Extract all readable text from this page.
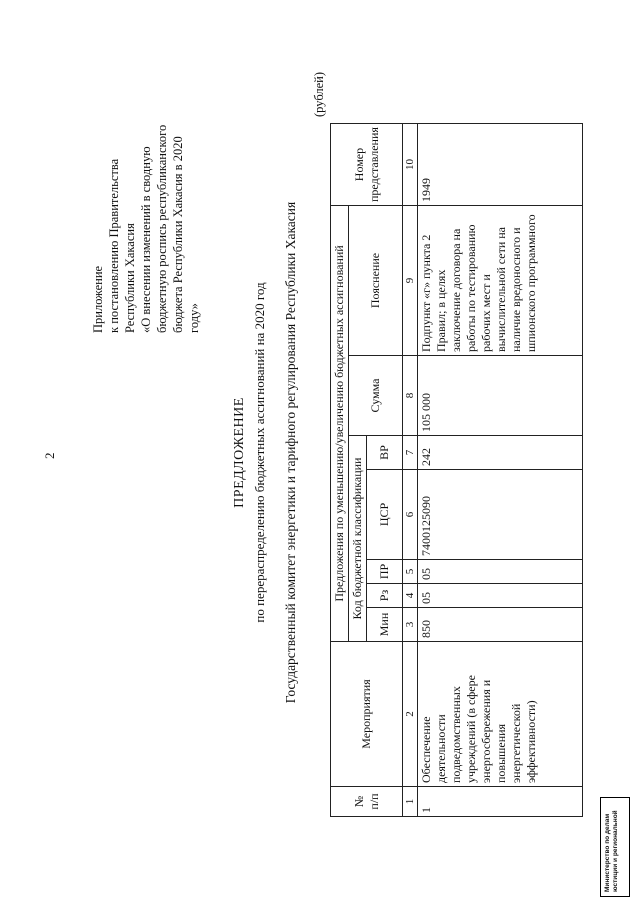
2
Приложение к постановлению Правительства Республики Хакасия «О внесении изменений в сводную бюджетную роспись республиканского бюджета Республики Хакасия в 2020 году»
ПРЕДЛОЖЕНИЕ по перераспределению бюджетных ассигнований на 2020 год Государственный комитет энергетики и тарифного регулирования Республики Хакасия
(рублей)
№ п/п	Мероприятия	Предложения по уменьшению/увеличению бюджетных ассигнований							Номер представления
		Код бюджетной классификации					Сумма	Пояснение	
		Мин	Рз	ПР	ЦСР	ВР			
1	2	3	4	5	6	7	8	9	10
1	Обеспечение деятельности подведомственных учреждений (в сфере энергосбережения и повышения энергетической эффективности)	850	05	05	7400125090	242	105 000	Подпункт «г» пункта 2 Правил; в целях заключение договора на работы по тестированию рабочих мест и вычислительной сети на наличие вредоносного и шпионского программного	1949
Министерство по делам юстиции и региональной
